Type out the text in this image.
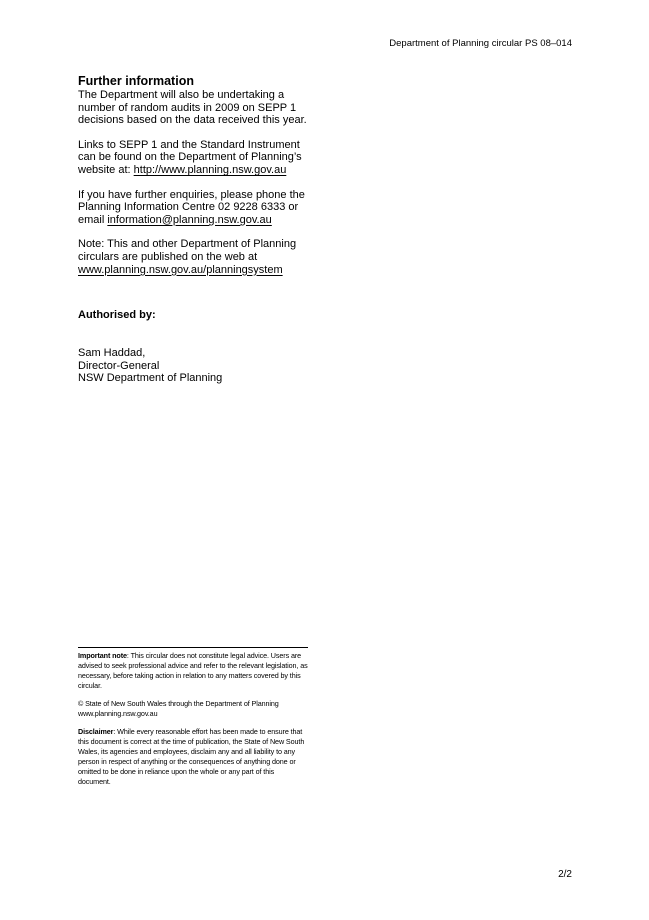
Department of Planning circular PS 08–014
Further information

The Department will also be undertaking a number of random audits in 2009 on SEPP 1 decisions based on the data received this year.

Links to SEPP 1 and the Standard Instrument can be found on the Department of Planning’s website at: http://www.planning.nsw.gov.au

If you have further enquiries, please phone the Planning Information Centre 02 9228 6333 or email information@planning.nsw.gov.au

Note: This and other Department of Planning circulars are published on the web at www.planning.nsw.gov.au/planningsystem

Authorised by:
Sam Haddad,
Director-General
NSW Department of Planning

Important note: This circular does not constitute legal advice. Users are advised to seek professional advice and refer to the relevant legislation, as necessary, before taking action in relation to any matters covered by this circular.

© State of New South Wales through the Department of Planning
www.planning.nsw.gov.au

Disclaimer: While every reasonable effort has been made to ensure that this document is correct at the time of publication, the State of New South Wales, its agencies and employees, disclaim any and all liability to any person in respect of anything or the consequences of anything done or omitted to be done in reliance upon the whole or any part of this document.

2/2
